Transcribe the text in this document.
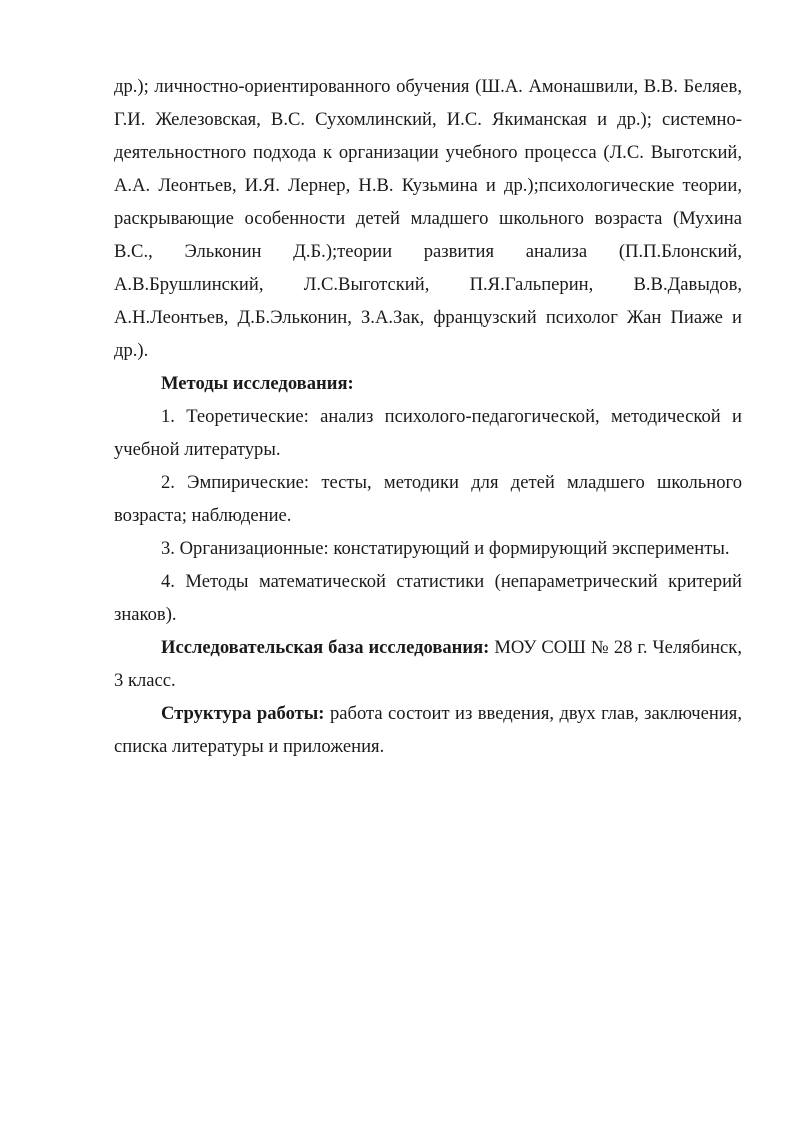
др.); личностно-ориентированного обучения (Ш.А. Амонашвили, В.В. Беляев, Г.И. Железовская, В.С. Сухомлинский, И.С. Якиманская и др.); системно-деятельностного подхода к организации учебного процесса (Л.С. Выготский, А.А. Леонтьев, И.Я. Лернер, Н.В. Кузьмина и др.);психологические теории, раскрывающие особенности детей младшего школьного возраста (Мухина В.С., Эльконин Д.Б.);теории развития анализа (П.П.Блонский, А.В.Брушлинский, Л.С.Выготский, П.Я.Гальперин, В.В.Давыдов, А.Н.Леонтьев, Д.Б.Эльконин, З.А.Зак, французский психолог Жан Пиаже и др.).

Методы исследования:

1. Теоретические: анализ психолого-педагогической, методической и учебной литературы.

2. Эмпирические: тесты, методики для детей младшего школьного возраста; наблюдение.

3. Организационные: констатирующий и формирующий эксперименты.

4. Методы математической статистики (непараметрический критерий знаков).

Исследовательская база исследования: МОУ СОШ № 28 г. Челябинск, 3 класс.

Структура работы: работа состоит из введения, двух глав, заключения, списка литературы и приложения.
